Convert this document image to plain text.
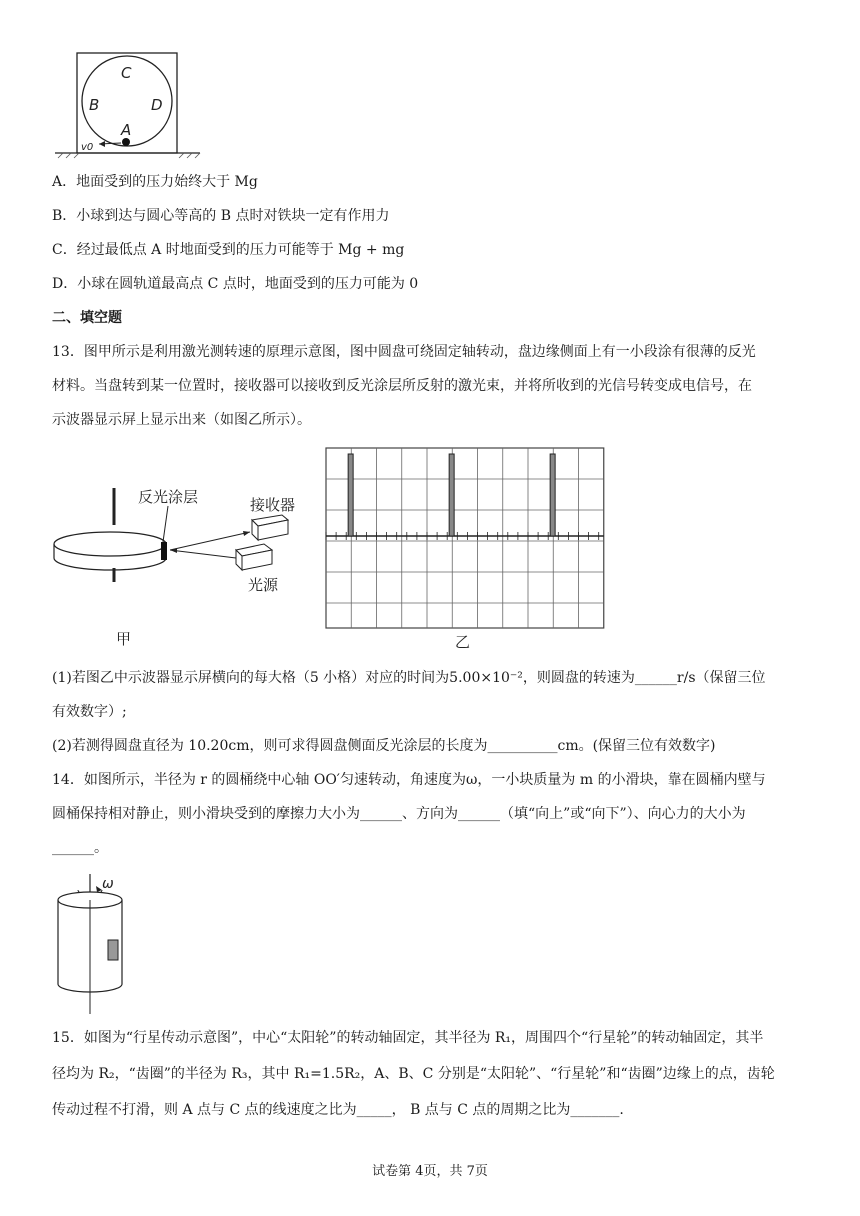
C
B	D
A
v0
A．地面受到的压力始终大于 Mg
B．小球到达与圆心等高的 B 点时对铁块一定有作用力
C．经过最低点 A 时地面受到的压力可能等于 Mg + mg
D．小球在圆轨道最高点 C 点时，地面受到的压力可能为 0
二、填空题
13．图甲所示是利用激光测转速的原理示意图，图中圆盘可绕固定轴转动，盘边缘侧面上有一小段涂有很薄的反光
材料。当盘转到某一位置时，接收器可以接收到反光涂层所反射的激光束，并将所收到的光信号转变成电信号，在
示波器显示屏上显示出来（如图乙所示）。
反光涂层	接收器
光源
甲	乙
(1)若图乙中示波器显示屏横向的每大格（5 小格）对应的时间为5.00×10⁻²，则圆盘的转速为______r/s（保留三位
有效数字）;
(2)若测得圆盘直径为 10.20cm，则可求得圆盘侧面反光涂层的长度为__________cm。(保留三位有效数字)
14．如图所示，半径为 r 的圆桶绕中心轴 OO′匀速转动，角速度为ω，一小块质量为 m 的小滑块，靠在圆桶内壁与
圆桶保持相对静止，则小滑块受到的摩擦力大小为______、方向为______（填“向上”或“向下”）、向心力的大小为
______。
ω
15．如图为“行星传动示意图”，中心“太阳轮”的转动轴固定，其半径为 R₁，周围四个“行星轮”的转动轴固定，其半
径均为 R₂，“齿圈”的半径为 R₃，其中 R₁=1.5R₂，A、B、C 分别是“太阳轮”、“行星轮”和“齿圈”边缘上的点，齿轮
传动过程不打滑，则 A 点与 C 点的线速度之比为_____， B 点与 C 点的周期之比为_______.
试卷第 4页，共 7页
